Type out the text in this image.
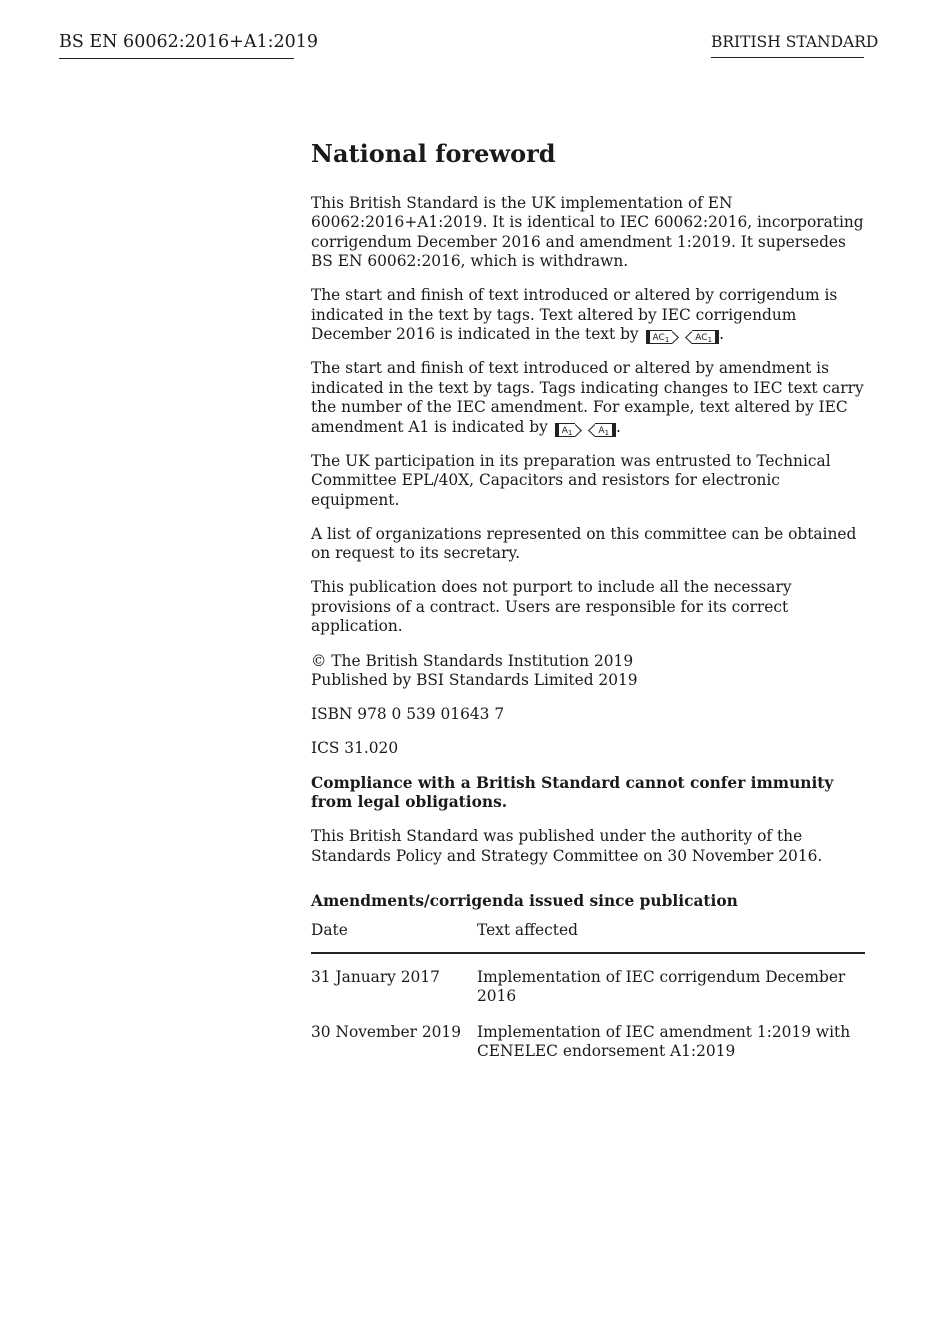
BS EN 60062:2016+A1:2019	BRITISH STANDARD
National foreword

This British Standard is the UK implementation of EN 60062:2016+A1:2019. It is identical to IEC 60062:2016, incorporating corrigendum December 2016 and amendment 1:2019. It supersedes BS EN 60062:2016, which is withdrawn.

The start and finish of text introduced or altered by corrigendum is indicated in the text by tags. Text altered by IEC corrigendum December 2016 is indicated in the text by $AC_1$	$AC_1$ .

The start and finish of text introduced or altered by amendment is indicated in the text by tags. Tags indicating changes to IEC text carry the number of the IEC amendment. For example, text altered by IEC amendment A1 is indicated by $A_1$	$A_1$ .

The UK participation in its preparation was entrusted to Technical Committee EPL/40X, Capacitors and resistors for electronic equipment.

A list of organizations represented on this committee can be obtained on request to its secretary.

This publication does not purport to include all the necessary provisions of a contract. Users are responsible for its correct application.

© The British Standards Institution 2019
Published by BSI Standards Limited 2019

ISBN 978 0 539 01643 7

ICS 31.020

Compliance with a British Standard cannot confer immunity from legal obligations.

This British Standard was published under the authority of the Standards Policy and Strategy Committee on 30 November 2016.

Amendments/corrigenda issued since publication
Date	Text affected
31 January 2017	Implementation of IEC corrigendum December 2016
30 November 2019	Implementation of IEC amendment 1:2019 with CENELEC endorsement A1:2019
